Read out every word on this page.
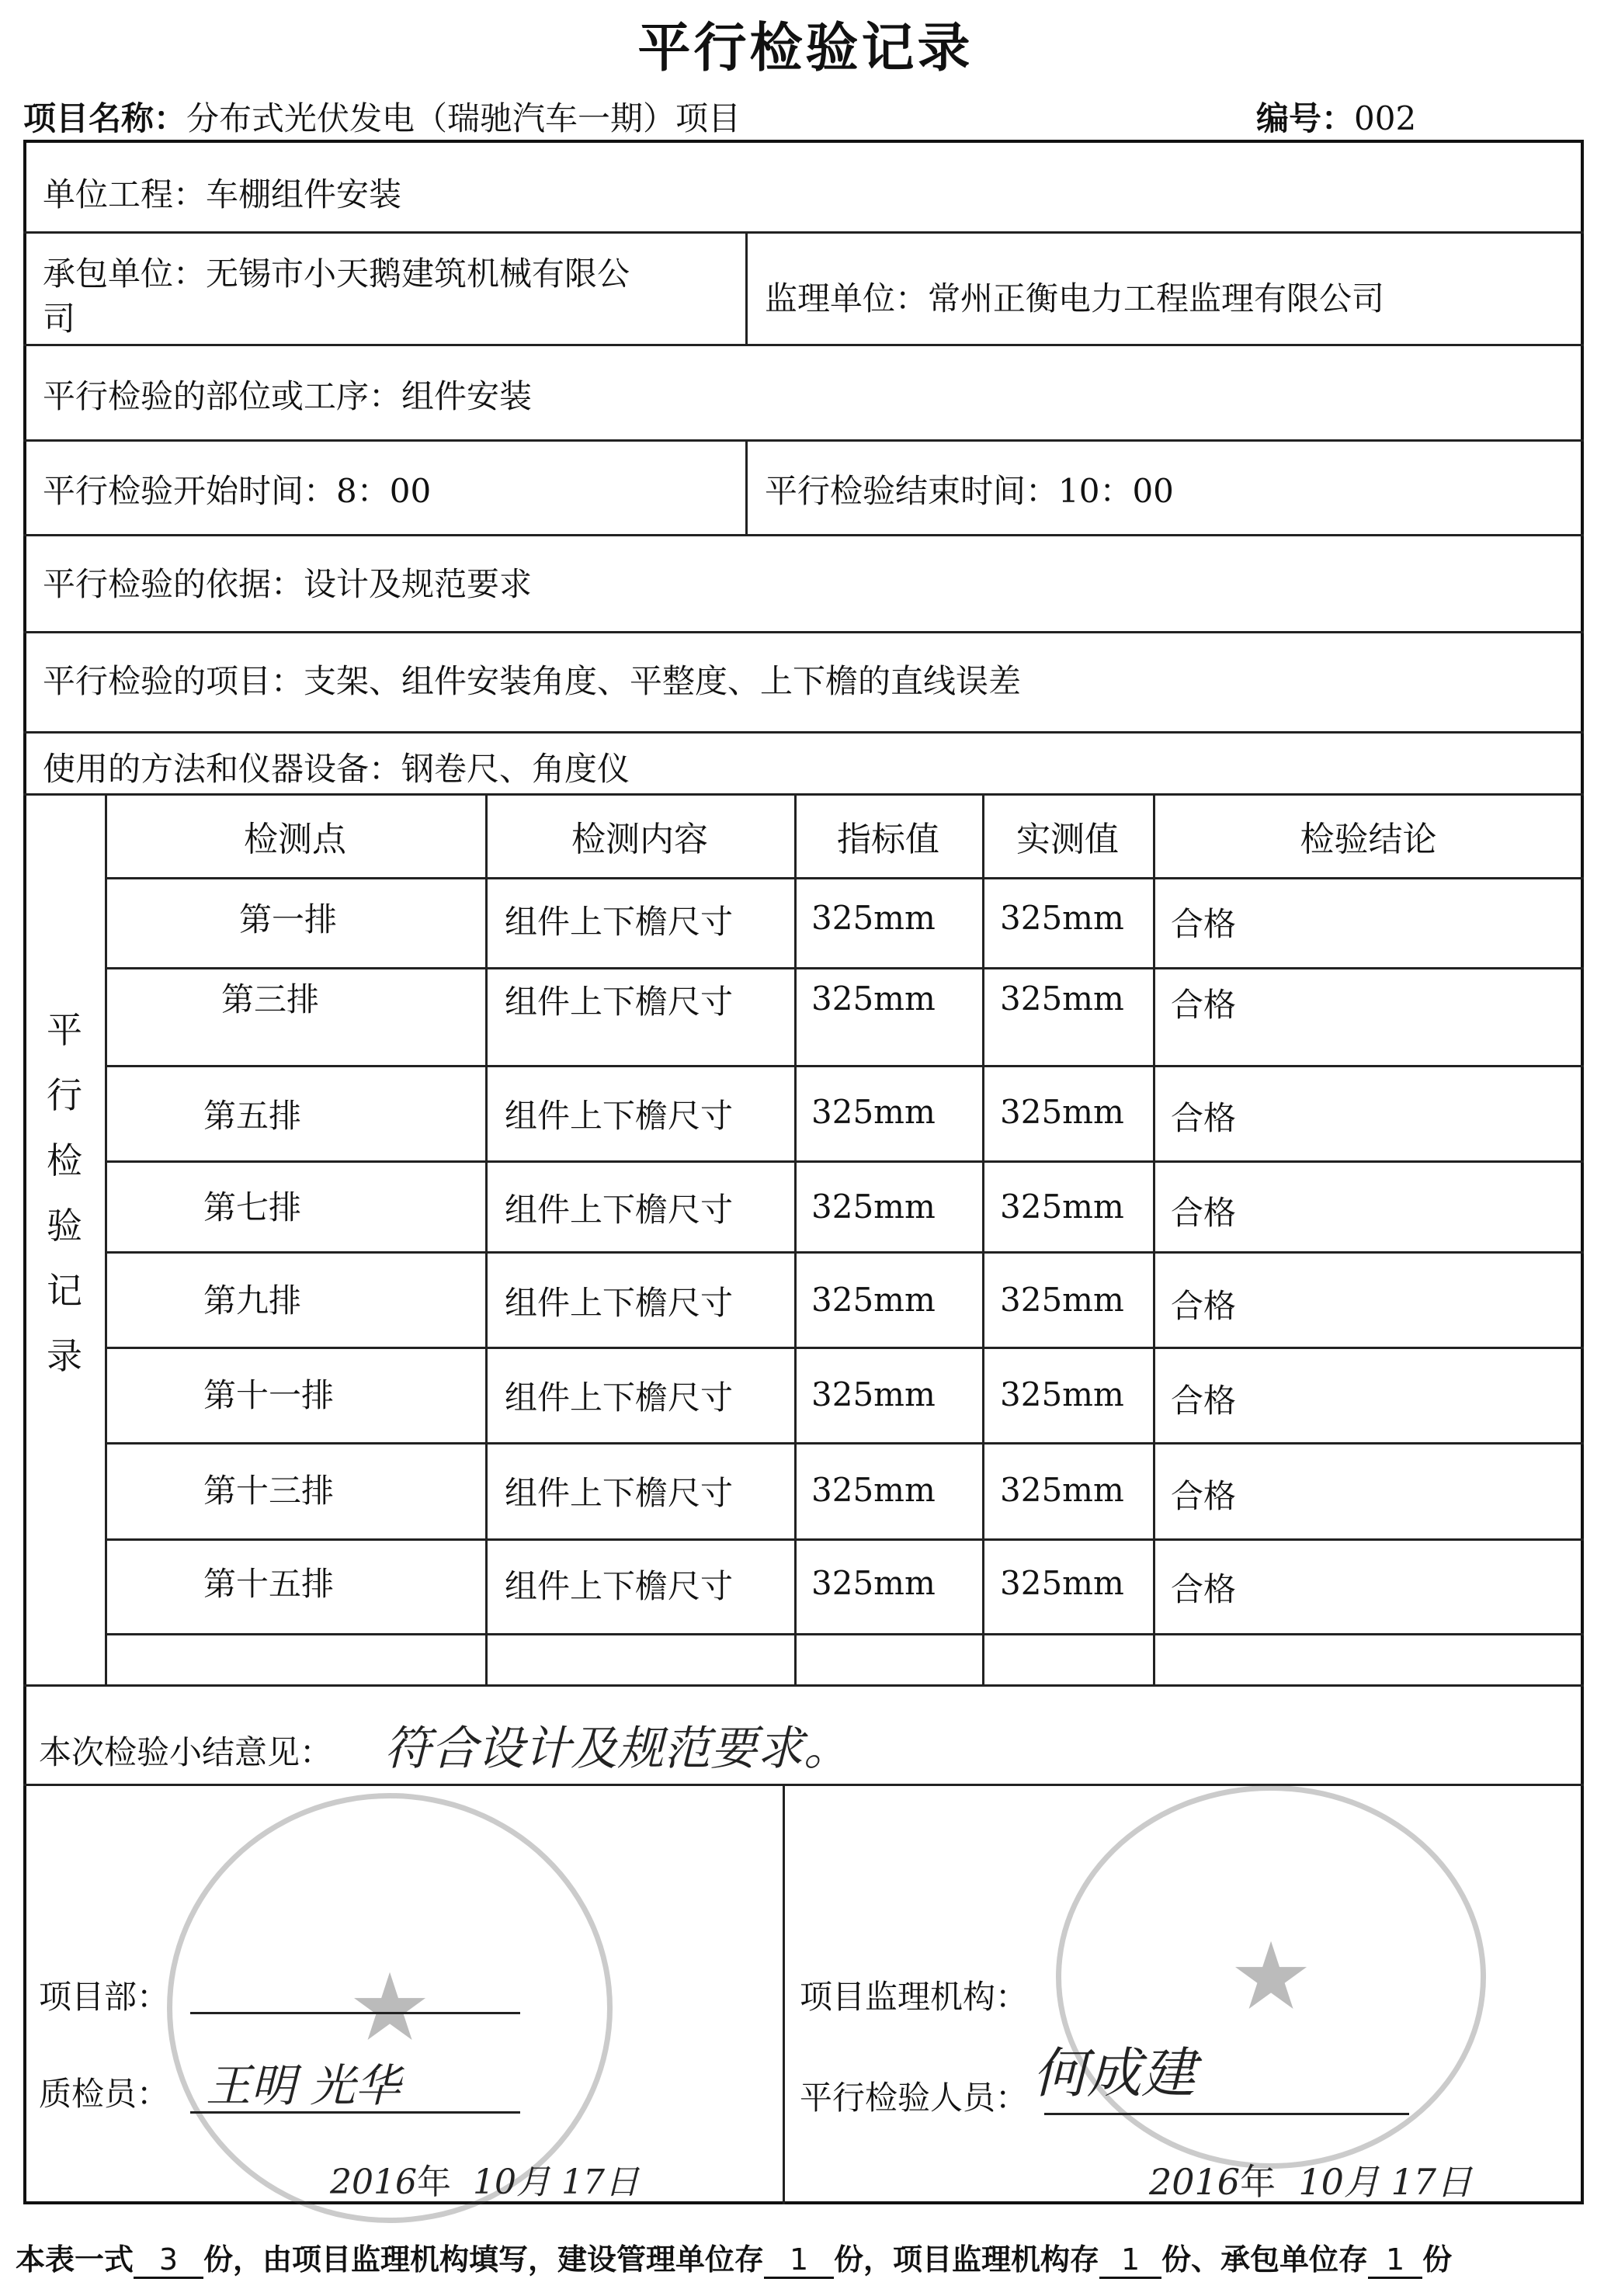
平行检验记录
项目名称：分布式光伏发电（瑞驰汽车一期）项目	编号：002
单位工程：车棚组件安装
承包单位：无锡市小天鹅建筑机械有限公
司
监理单位：常州正衡电力工程监理有限公司
平行检验的部位或工序：组件安装
平行检验开始时间：8：00	平行检验结束时间：10：00
平行检验的依据：设计及规范要求
平行检验的项目：支架、组件安装角度、平整度、上下檐的直线误差
使用的方法和仪器设备：钢卷尺、角度仪
平
行
检
验
记
录
检测点	检测内容	指标值	实测值	检验结论
第一排	组件上下檐尺寸 325mm 325mm 合格
第三排	组件上下檐尺寸 325mm 325mm 合格
第五排	组件上下檐尺寸 325mm 325mm 合格
第七排	组件上下檐尺寸 325mm 325mm 合格
第九排	组件上下檐尺寸 325mm 325mm 合格
第十一排	组件上下檐尺寸 325mm 325mm 合格
第十三排	组件上下檐尺寸 325mm 325mm 合格
第十五排	组件上下檐尺寸 325mm 325mm 合格
本次检验小结意见： 符合设计及规范要求。
★	★
项目部：
质检员： 王明 光华
2016年 10月 17日
项目监理机构：
平行检验人员： 何成建
2016年 10月 17日
本表一式 3 份，由项目监理机构填写，建设管理单位存 1 份，项目监理机构存 1 份、承包单位存 1 份
